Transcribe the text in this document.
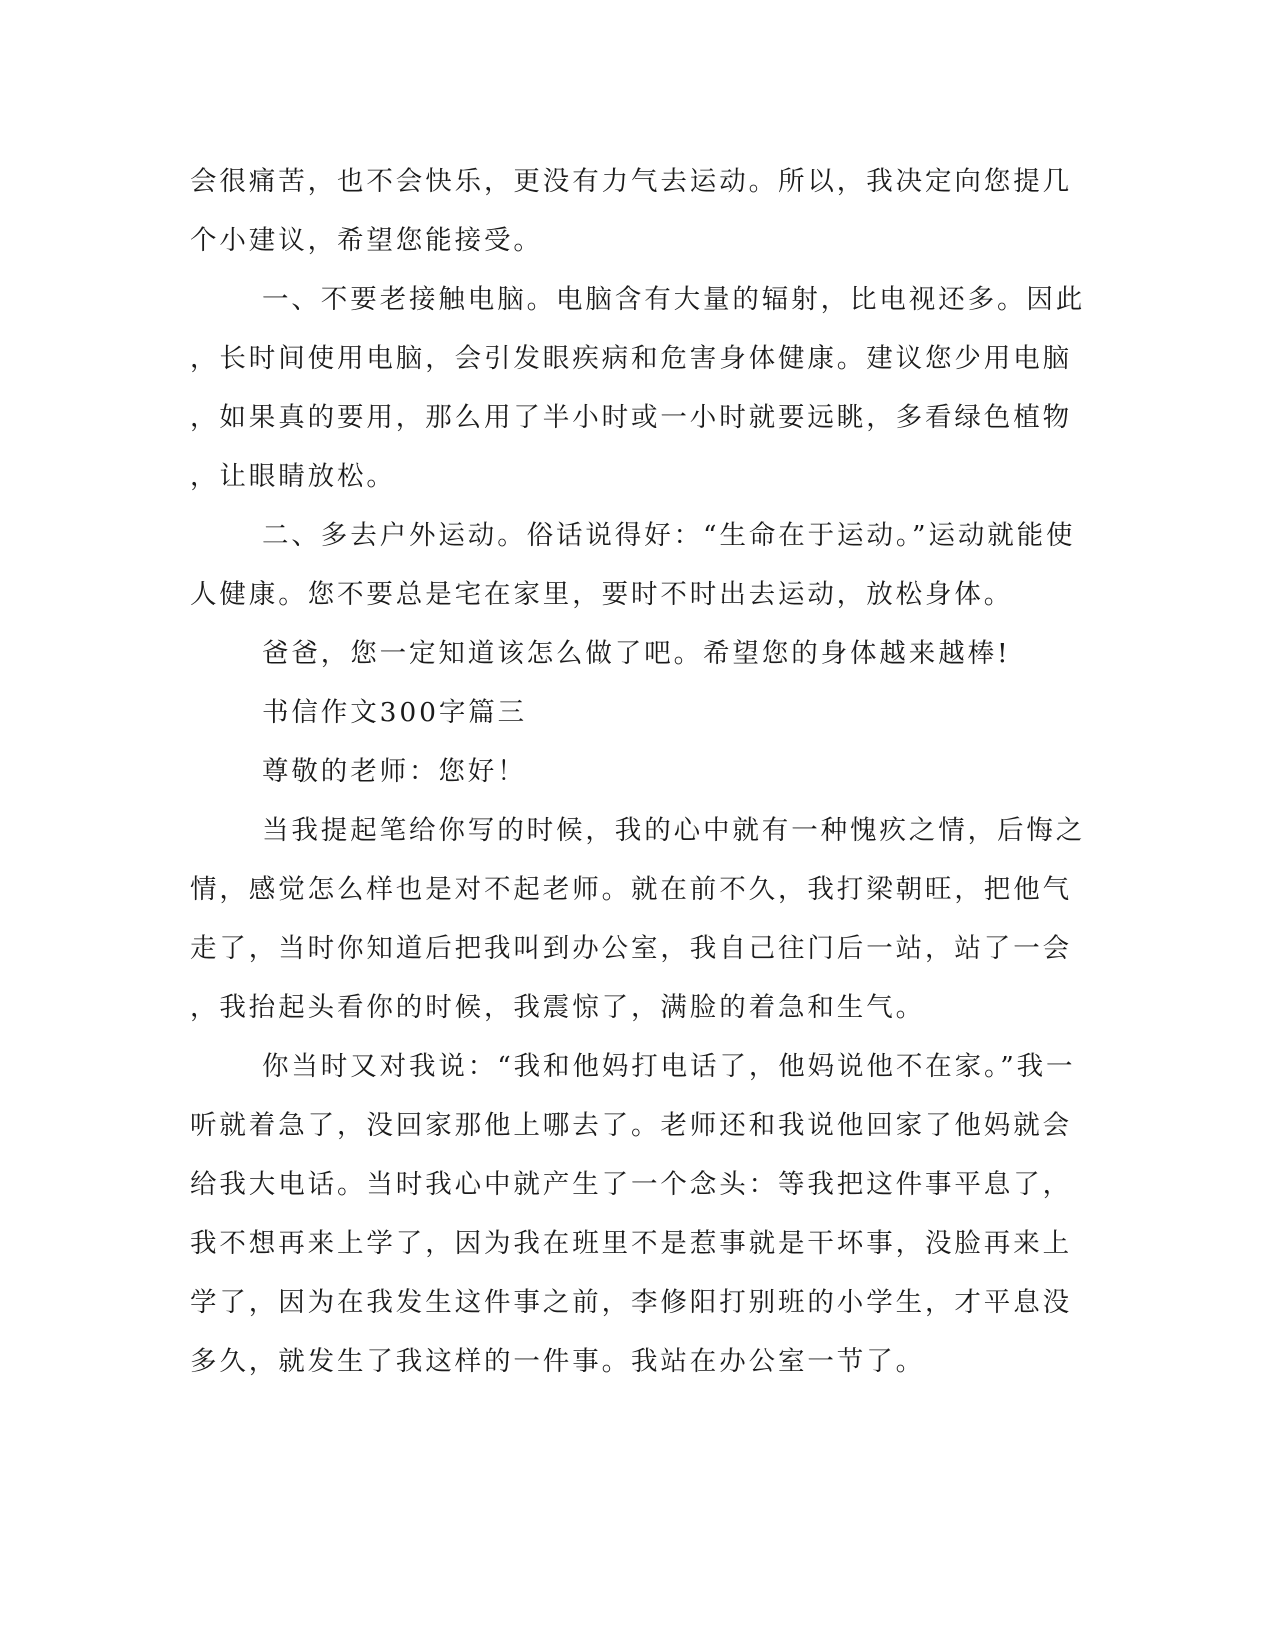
会很痛苦，也不会快乐，更没有力气去运动。所以，我决定向您提几
个小建议，希望您能接受。
一、不要老接触电脑。电脑含有大量的辐射，比电视还多。因此
，长时间使用电脑，会引发眼疾病和危害身体健康。建议您少用电脑
，如果真的要用，那么用了半小时或一小时就要远眺，多看绿色植物
，让眼睛放松。
二、多去户外运动。俗话说得好：“生命在于运动。”运动就能使
人健康。您不要总是宅在家里，要时不时出去运动，放松身体。
爸爸，您一定知道该怎么做了吧。希望您的身体越来越棒!
书信作文300字篇三
尊敬的老师：您好！
当我提起笔给你写的时候，我的心中就有一种愧疚之情，后悔之
情，感觉怎么样也是对不起老师。就在前不久，我打梁朝旺，把他气
走了，当时你知道后把我叫到办公室，我自己往门后一站，站了一会
，我抬起头看你的时候，我震惊了，满脸的着急和生气。
你当时又对我说：“我和他妈打电话了，他妈说他不在家。”我一
听就着急了，没回家那他上哪去了。老师还和我说他回家了他妈就会
给我大电话。当时我心中就产生了一个念头：等我把这件事平息了，
我不想再来上学了，因为我在班里不是惹事就是干坏事，没脸再来上
学了，因为在我发生这件事之前，李修阳打别班的小学生，才平息没
多久，就发生了我这样的一件事。我站在办公室一节了。
